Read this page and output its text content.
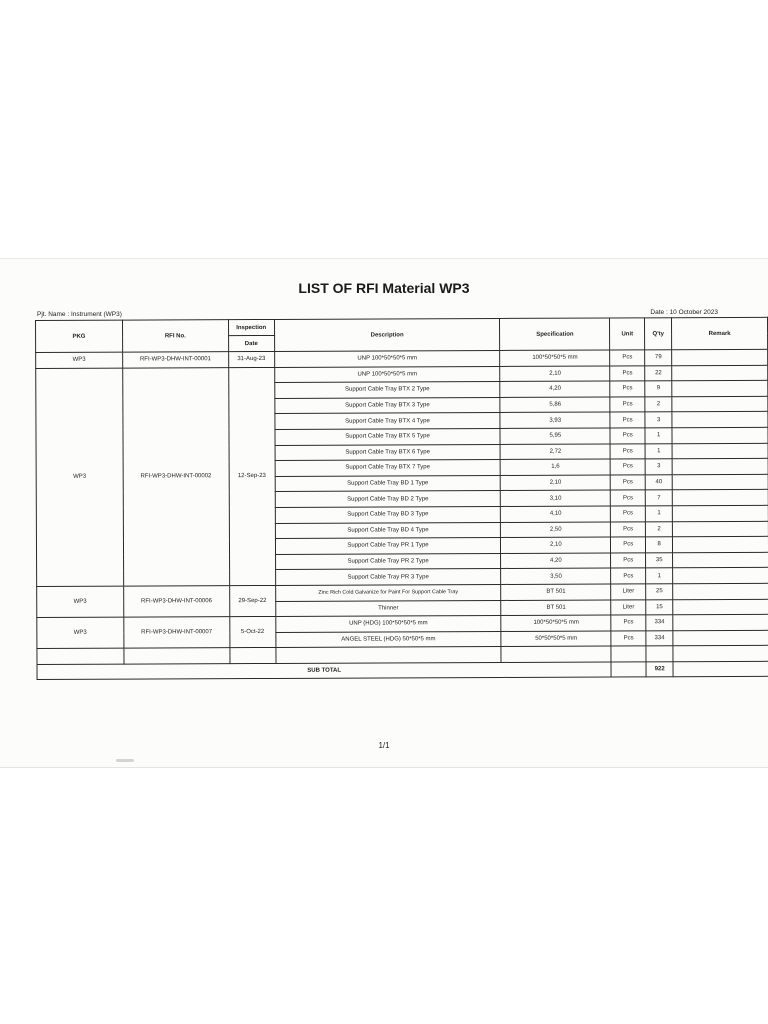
LIST OF RFI Material WP3
Pjt. Name : Instrument (WP3)	Date : 10 October 2023
PKG	RFI No.	Inspection	Description	Specification	Unit	Q'ty	Remark
		Date					
WP3	RFI-WP3-DHW-INT-00001	31-Aug-23	UNP 100*50*50*5 mm	100*50*50*5 mm	Pcs	79	
WP3	RFI-WP3-DHW-INT-00002	12-Sep-23	UNP 100*50*50*5 mm	2,10	Pcs	22	
			Support Cable Tray BTX 2 Type	4,20	Pcs	9	
			Support Cable Tray BTX 3 Type	5,86	Pcs	2	
			Support Cable Tray BTX 4 Type	3,93	Pcs	3	
			Support Cable Tray BTX 5 Type	5,95	Pcs	1	
			Support Cable Tray BTX 6 Type	2,72	Pcs	1	
			Support Cable Tray BTX 7 Type	1,6	Pcs	3	
			Support Cable Tray BD 1 Type	2,10	Pcs	40	
			Support Cable Tray BD 2 Type	3,10	Pcs	7	
			Support Cable Tray BD 3 Type	4,10	Pcs	1	
			Support Cable Tray BD 4 Type	2,50	Pcs	2	
			Support Cable Tray PR 1 Type	2,10	Pcs	8	
			Support Cable Tray PR 2 Type	4,20	Pcs	35	
			Support Cable Tray PR 3 Type	3,50	Pcs	1	
WP3	RFI-WP3-DHW-INT-00006	29-Sep-22	Zinc Rich Cold Galvanize for Paint For Support Cable Tray	BT 501	Liter	25	
			Thinner	BT 501	Liter	15	
WP3	RFI-WP3-DHW-INT-00007	5-Oct-22	UNP (HDG) 100*50*50*5 mm	100*50*50*5 mm	Pcs	334	
			ANGEL STEEL (HDG) 50*50*5 mm	50*50*50*5 mm	Pcs	334	

SUB TOTAL						922	
1/1
